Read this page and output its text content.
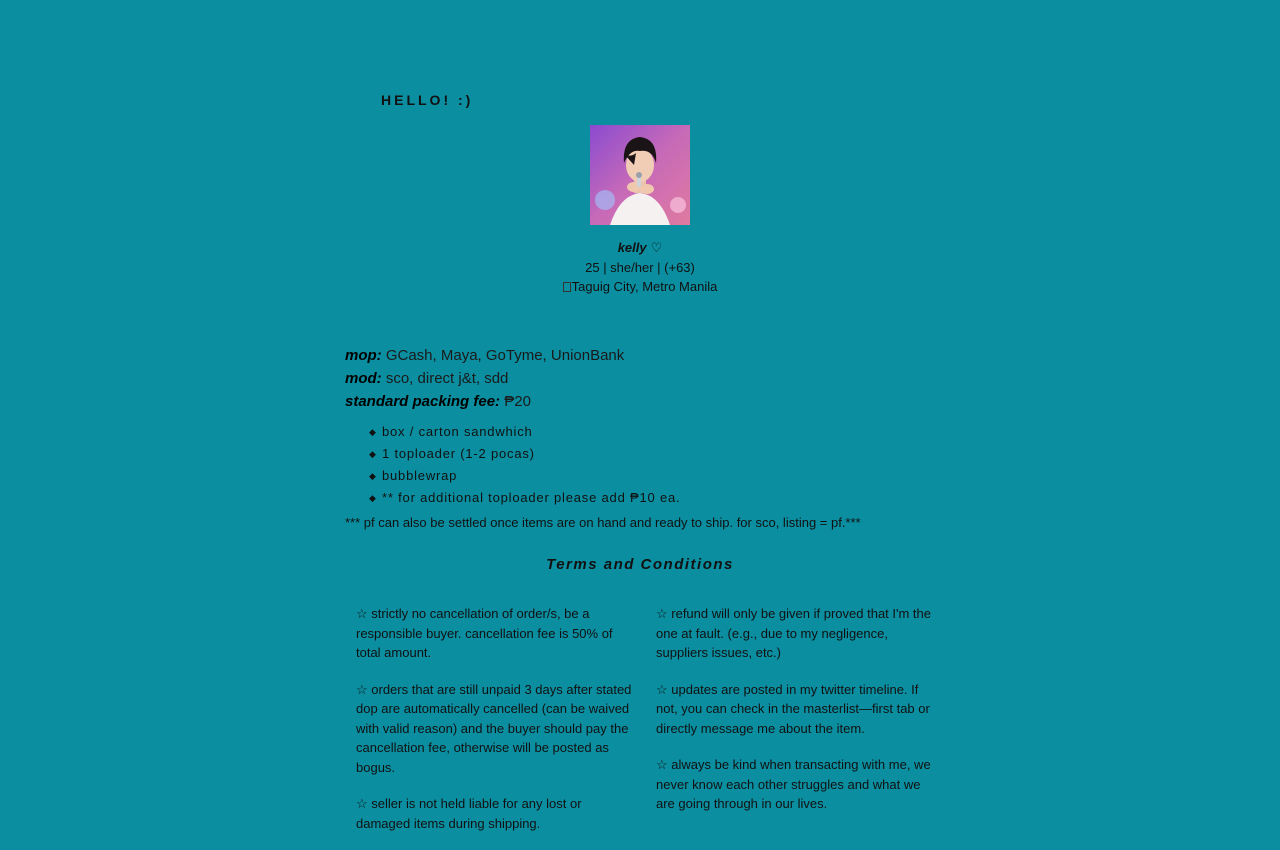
HELLO! :)
kelly ♡
25 | she/her | (+63)
Taguig City, Metro Manila
mop: GCash, Maya, GoTyme, UnionBank
mod: sco, direct j&t, sdd
standard packing fee: ₱20
◆ box / carton sandwhich
◆ 1 toploader (1-2 pocas)
◆ bubblewrap
◆ ** for additional toploader please add ₱10 ea.
*** pf can also be settled once items are on hand and ready to ship. for sco, listing = pf.***
Terms and Conditions
☆ strictly no cancellation of order/s, be a responsible buyer. cancellation fee is 50% of total amount.
☆ orders that are still unpaid 3 days after stated dop are automatically cancelled (can be waived with valid reason) and the buyer should pay the cancellation fee, otherwise will be posted as bogus.
☆ seller is not held liable for any lost or damaged items during shipping.
☆ refund will only be given if proved that I'm the one at fault. (e.g., due to my negligence, suppliers issues, etc.)
☆ updates are posted in my twitter timeline. If not, you can check in the masterlist—first tab or directly message me about the item.
☆ always be kind when transacting with me, we never know each other struggles and what we are going through in our lives.
